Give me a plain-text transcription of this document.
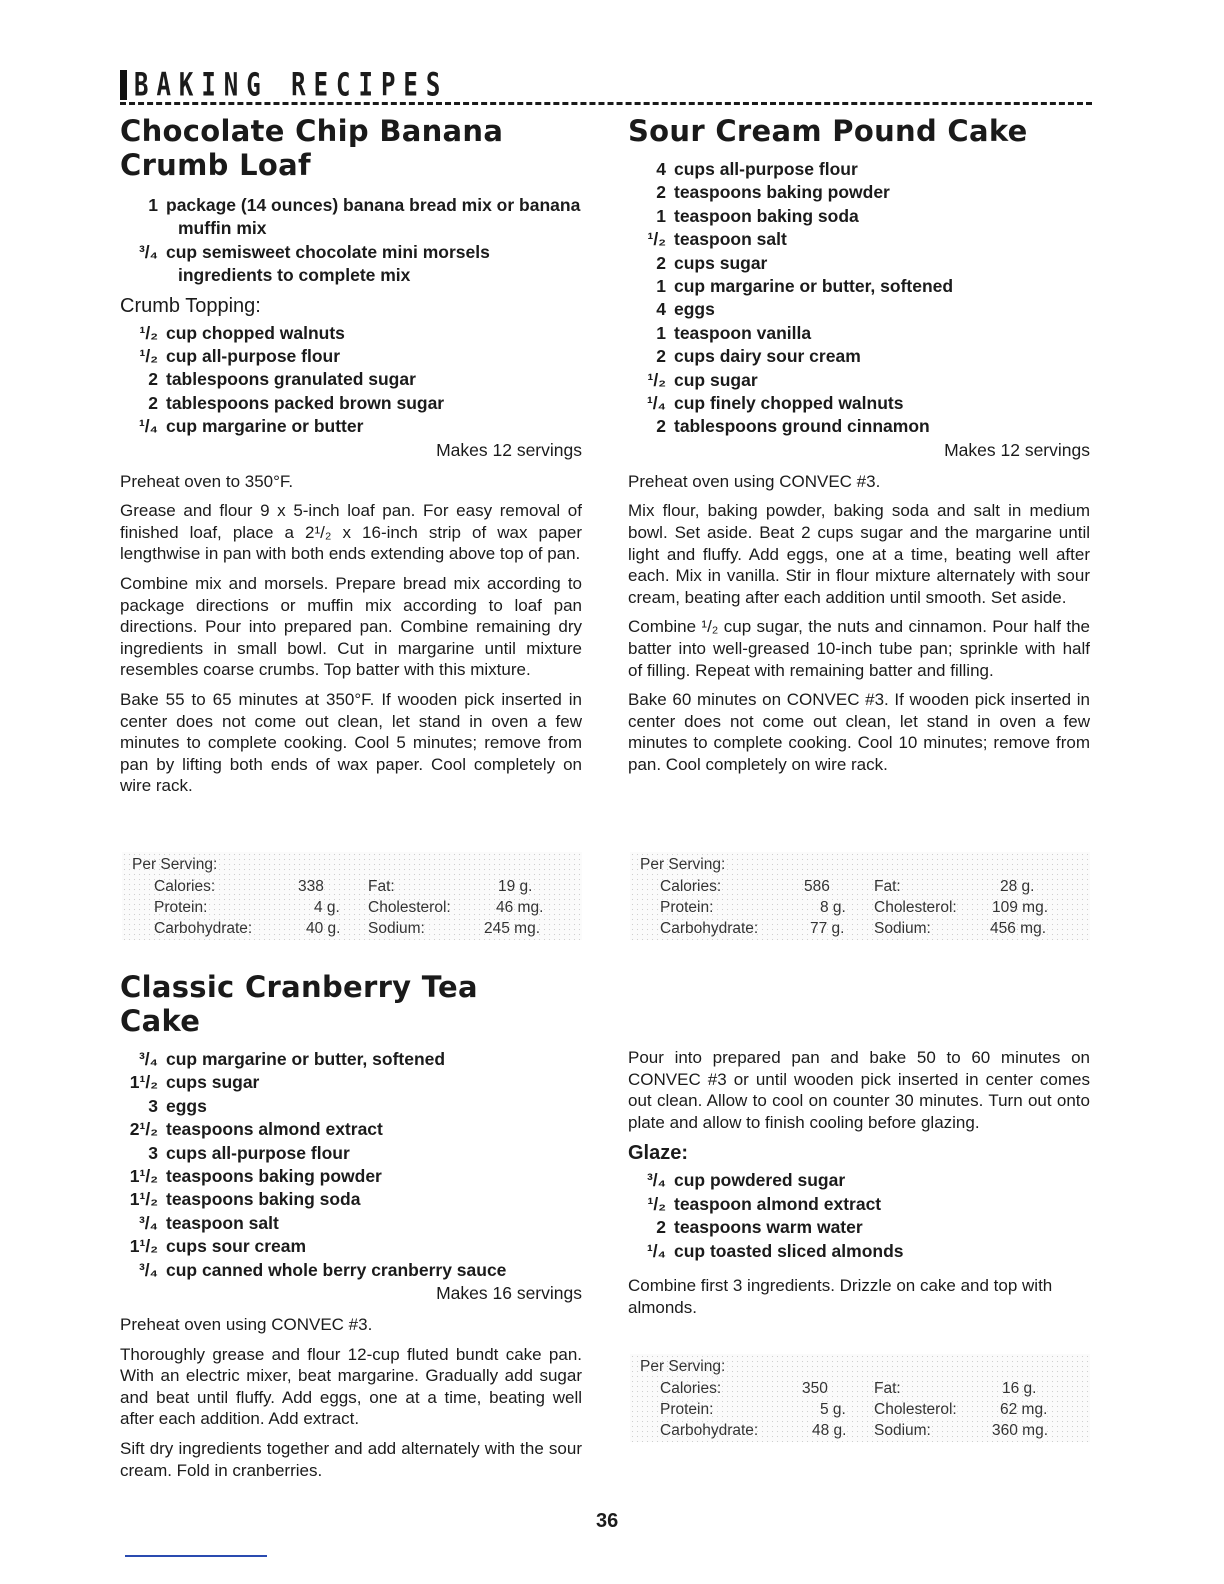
BAKING RECIPES
Chocolate Chip Banana
Crumb Loaf
1 package (14 ounces) banana bread mix or banana muffin mix
³/₄ cup semisweet chocolate mini morsels ingredients to complete mix
Crumb Topping:
¹/₂ cup chopped walnuts
¹/₂ cup all-purpose flour
2 tablespoons granulated sugar
2 tablespoons packed brown sugar
¹/₄ cup margarine or butter
Makes 12 servings

Preheat oven to 350°F.

Grease and flour 9 x 5-inch loaf pan. For easy removal of finished loaf, place a 2¹/₂ x 16-inch strip of wax paper lengthwise in pan with both ends extending above top of pan.

Combine mix and morsels. Prepare bread mix according to package directions or muffin mix according to loaf pan directions. Pour into prepared pan. Combine remaining dry ingredients in small bowl. Cut in margarine until mixture resembles coarse crumbs. Top batter with this mixture.

Bake 55 to 65 minutes at 350°F. If wooden pick inserted in center does not come out clean, let stand in oven a few minutes to complete cooking. Cool 5 minutes; remove from pan by lifting both ends of wax paper. Cool completely on wire rack.

Per Serving:
Calories:	338	Fat:	19 g.
Protein:	4 g. Cholesterol:	46 mg.
Carbohydrate:	40 g. Sodium:	245 mg.
Sour Cream Pound Cake
4 cups all-purpose flour
2 teaspoons baking powder
1 teaspoon baking soda
¹/₂ teaspoon salt
2 cups sugar
1 cup margarine or butter, softened
4 eggs
1 teaspoon vanilla
2 cups dairy sour cream
¹/₂ cup sugar
¹/₄ cup finely chopped walnuts
2 tablespoons ground cinnamon
Makes 12 servings

Preheat oven using CONVEC #3.

Mix flour, baking powder, baking soda and salt in medium bowl. Set aside. Beat 2 cups sugar and the margarine until light and fluffy. Add eggs, one at a time, beating well after each. Mix in vanilla. Stir in flour mixture alternately with sour cream, beating after each addition until smooth. Set aside.

Combine ¹/₂ cup sugar, the nuts and cinnamon. Pour half the batter into well-greased 10-inch tube pan; sprinkle with half of filling. Repeat with remaining batter and filling.

Bake 60 minutes on CONVEC #3. If wooden pick inserted in center does not come out clean, let stand in oven a few minutes to complete cooking. Cool 10 minutes; remove from pan. Cool completely on wire rack.

Per Serving:
Calories:	586	Fat:	28 g.
Protein:	8 g. Cholesterol: 109 mg.
Carbohydrate:	77 g. Sodium:	456 mg.
Classic Cranberry Tea
Cake
³/₄ cup margarine or butter, softened
1¹/₂ cups sugar
3 eggs
2¹/₂ teaspoons almond extract
3 cups all-purpose flour
1¹/₂ teaspoons baking powder
1¹/₂ teaspoons baking soda
³/₄ teaspoon salt
1¹/₂ cups sour cream
³/₄ cup canned whole berry cranberry sauce
Makes 16 servings

Preheat oven using CONVEC #3.

Thoroughly grease and flour 12-cup fluted bundt cake pan. With an electric mixer, beat margarine. Gradually add sugar and beat until fluffy. Add eggs, one at a time, beating well after each addition. Add extract.

Sift dry ingredients together and add alternately with the sour cream. Fold in cranberries.

Pour into prepared pan and bake 50 to 60 minutes on CONVEC #3 or until wooden pick inserted in center comes out clean. Allow to cool on counter 30 minutes. Turn out onto plate and allow to finish cooling before glazing.

Glaze:
³/₄ cup powdered sugar
¹/₂ teaspoon almond extract
2 teaspoons warm water
¹/₄ cup toasted sliced almonds

Combine first 3 ingredients. Drizzle on cake and top with almonds.

Per Serving:
Calories:	350	Fat:	16 g.
Protein:	5 g. Cholesterol:	62 mg.
Carbohydrate:	48 g. Sodium:	360 mg.
36
